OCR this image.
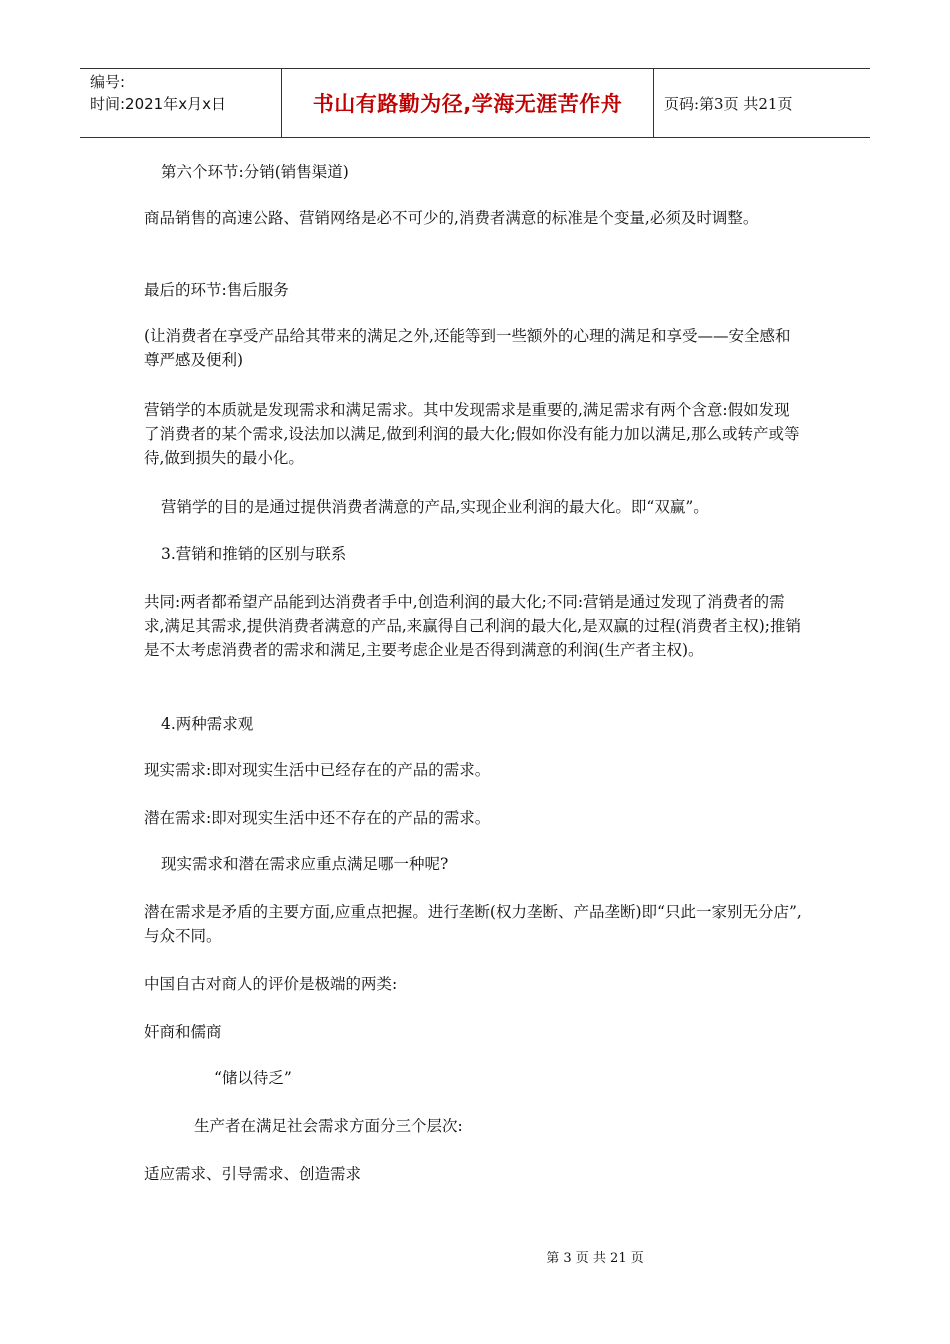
编号:
时间:2021年x月x日	书山有路勤为径,学海无涯苦作舟	页码:第3页 共21页

第六个环节:分销(销售渠道)

商品销售的高速公路、营销网络是必不可少的,消费者满意的标准是个变量,必须及时调整。

最后的环节:售后服务

(让消费者在享受产品给其带来的满足之外,还能等到一些额外的心理的满足和享受——安全感和尊严感及便利)

营销学的本质就是发现需求和满足需求。其中发现需求是重要的,满足需求有两个含意:假如发现了消费者的某个需求,设法加以满足,做到利润的最大化;假如你没有能力加以满足,那么或转产或等待,做到损失的最小化。

营销学的目的是通过提供消费者满意的产品,实现企业利润的最大化。即“双赢”。

3.营销和推销的区别与联系

共同:两者都希望产品能到达消费者手中,创造利润的最大化;不同:营销是通过发现了消费者的需求,满足其需求,提供消费者满意的产品,来赢得自己利润的最大化,是双赢的过程(消费者主权);推销是不太考虑消费者的需求和满足,主要考虑企业是否得到满意的利润(生产者主权)。

4.两种需求观

现实需求:即对现实生活中已经存在的产品的需求。

潜在需求:即对现实生活中还不存在的产品的需求。

现实需求和潜在需求应重点满足哪一种呢?

潜在需求是矛盾的主要方面,应重点把握。进行垄断(权力垄断、产品垄断)即“只此一家别无分店”,与众不同。

中国自古对商人的评价是极端的两类:

奸商和儒商

“储以待乏”

生产者在满足社会需求方面分三个层次:

适应需求、引导需求、创造需求

第 3 页 共 21 页
